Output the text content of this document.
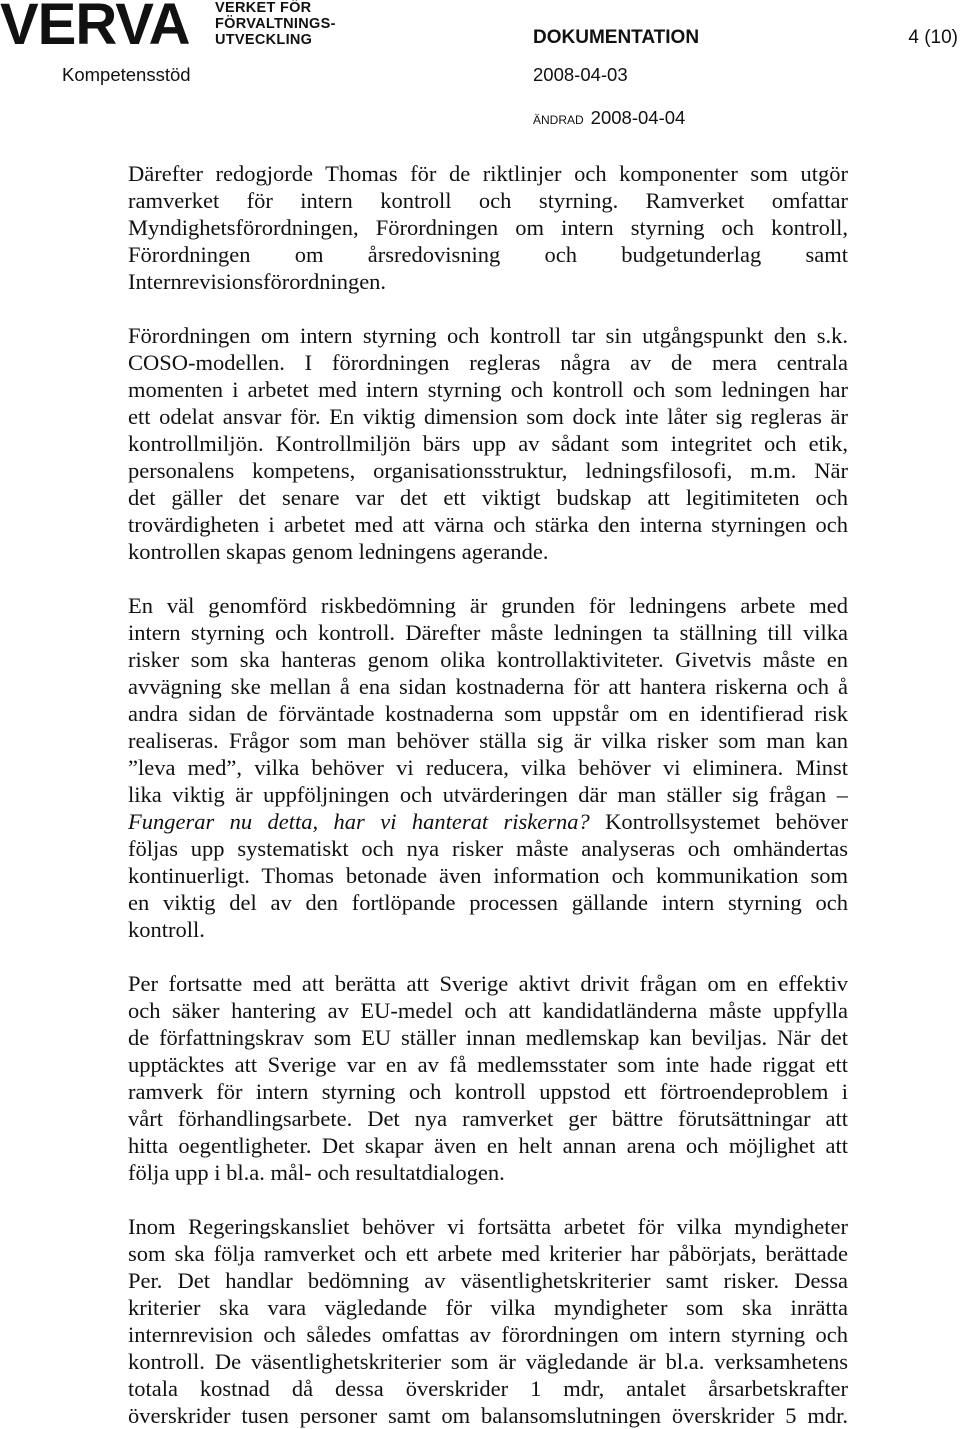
VERVA VERKET FÖR
FÖRVALTNINGS-
UTVECKLING	DOKUMENTATION	4 (10)
Kompetensstöd	2008-04-03
ÄNDRAD 2008-04-04
Därefter redogjorde Thomas för de riktlinjer och komponenter som utgör
ramverket för intern kontroll och styrning. Ramverket omfattar
Myndighetsförordningen, Förordningen om intern styrning och kontroll,
Förordningen om årsredovisning och budgetunderlag samt
Internrevisionsförordningen.
Förordningen om intern styrning och kontroll tar sin utgångspunkt den s.k.
COSO-modellen. I förordningen regleras några av de mera centrala
momenten i arbetet med intern styrning och kontroll och som ledningen har
ett odelat ansvar för. En viktig dimension som dock inte låter sig regleras är
kontrollmiljön. Kontrollmiljön bärs upp av sådant som integritet och etik,
personalens kompetens, organisationsstruktur, ledningsfilosofi, m.m. När
det gäller det senare var det ett viktigt budskap att legitimiteten och
trovärdigheten i arbetet med att värna och stärka den interna styrningen och
kontrollen skapas genom ledningens agerande.
En väl genomförd riskbedömning är grunden för ledningens arbete med
intern styrning och kontroll. Därefter måste ledningen ta ställning till vilka
risker som ska hanteras genom olika kontrollaktiviteter. Givetvis måste en
avvägning ske mellan å ena sidan kostnaderna för att hantera riskerna och å
andra sidan de förväntade kostnaderna som uppstår om en identifierad risk
realiseras. Frågor som man behöver ställa sig är vilka risker som man kan
”leva med”, vilka behöver vi reducera, vilka behöver vi eliminera. Minst
lika viktig är uppföljningen och utvärderingen där man ställer sig frågan –
Fungerar nu detta, har vi hanterat riskerna? Kontrollsystemet behöver
följas upp systematiskt och nya risker måste analyseras och omhändertas
kontinuerligt. Thomas betonade även information och kommunikation som
en viktig del av den fortlöpande processen gällande intern styrning och
kontroll.
Per fortsatte med att berätta att Sverige aktivt drivit frågan om en effektiv
och säker hantering av EU-medel och att kandidatländerna måste uppfylla
de författningskrav som EU ställer innan medlemskap kan beviljas. När det
upptäcktes att Sverige var en av få medlemsstater som inte hade riggat ett
ramverk för intern styrning och kontroll uppstod ett förtroendeproblem i
vårt förhandlingsarbete. Det nya ramverket ger bättre förutsättningar att
hitta oegentligheter. Det skapar även en helt annan arena och möjlighet att
följa upp i bl.a. mål- och resultatdialogen.
Inom Regeringskansliet behöver vi fortsätta arbetet för vilka myndigheter
som ska följa ramverket och ett arbete med kriterier har påbörjats, berättade
Per. Det handlar bedömning av väsentlighetskriterier samt risker. Dessa
kriterier ska vara vägledande för vilka myndigheter som ska inrätta
internrevision och således omfattas av förordningen om intern styrning och
kontroll. De väsentlighetskriterier som är vägledande är bl.a. verksamhetens
totala kostnad då dessa överskrider 1 mdr, antalet årsarbetskrafter
överskrider tusen personer samt om balansomslutningen överskrider 5 mdr.
